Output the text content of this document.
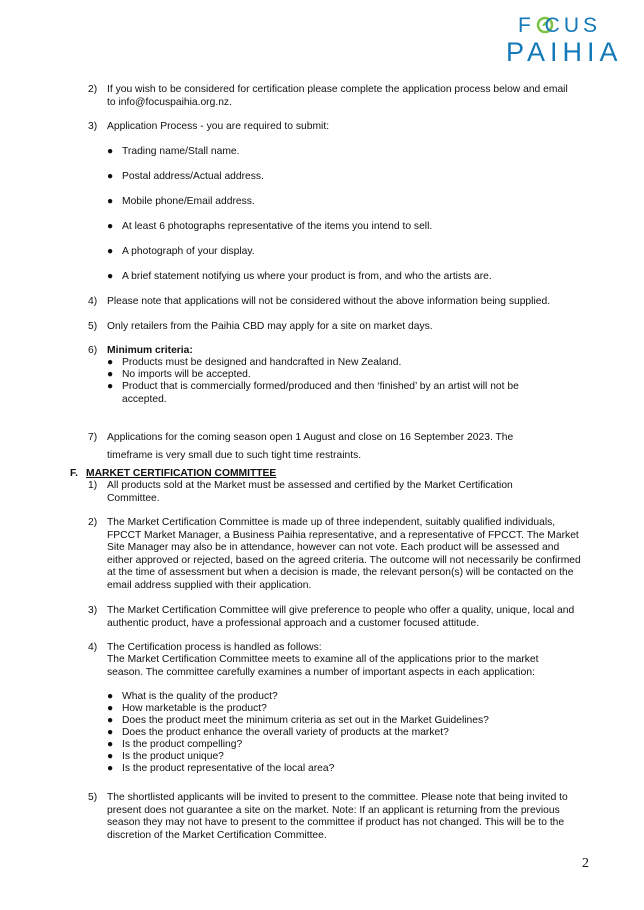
F CUS
PAIHIA
2) If you wish to be considered for certification please complete the application process below and email to info@focuspaihia.org.nz.
3) Application Process - you are required to submit:
● Trading name/Stall name.
● Postal address/Actual address.
● Mobile phone/Email address.
● At least 6 photographs representative of the items you intend to sell.
● A photograph of your display.
● A brief statement notifying us where your product is from, and who the artists are.
4) Please note that applications will not be considered without the above information being supplied.
5) Only retailers from the Paihia CBD may apply for a site on market days.
6) Minimum criteria:
● Products must be designed and handcrafted in New Zealand.
● No imports will be accepted.
● Product that is commercially formed/produced and then ‘finished’ by an artist will not be accepted.
7) Applications for the coming season open 1 August and close on 16 September 2023. The
timeframe is very small due to such tight time restraints.
F. MARKET CERTIFICATION COMMITTEE
1) All products sold at the Market must be assessed and certified by the Market Certification Committee.
2) The Market Certification Committee is made up of three independent, suitably qualified individuals, FPCCT Market Manager, a Business Paihia representative, and a representative of FPCCT. The Market Site Manager may also be in attendance, however can not vote. Each product will be assessed and either approved or rejected, based on the agreed criteria. The outcome will not necessarily be confirmed at the time of assessment but when a decision is made, the relevant person(s) will be contacted on the email address supplied with their application.
3) The Market Certification Committee will give preference to people who offer a quality, unique, local and authentic product, have a professional approach and a customer focused attitude.
4) The Certification process is handled as follows:
The Market Certification Committee meets to examine all of the applications prior to the market season. The committee carefully examines a number of important aspects in each application:
● What is the quality of the product?
● How marketable is the product?
● Does the product meet the minimum criteria as set out in the Market Guidelines?
● Does the product enhance the overall variety of products at the market?
● Is the product compelling?
● Is the product unique?
● Is the product representative of the local area?
5) The shortlisted applicants will be invited to present to the committee. Please note that being invited to present does not guarantee a site on the market. Note: If an applicant is returning from the previous season they may not have to present to the committee if product has not changed. This will be to the discretion of the Market Certification Committee.
2
